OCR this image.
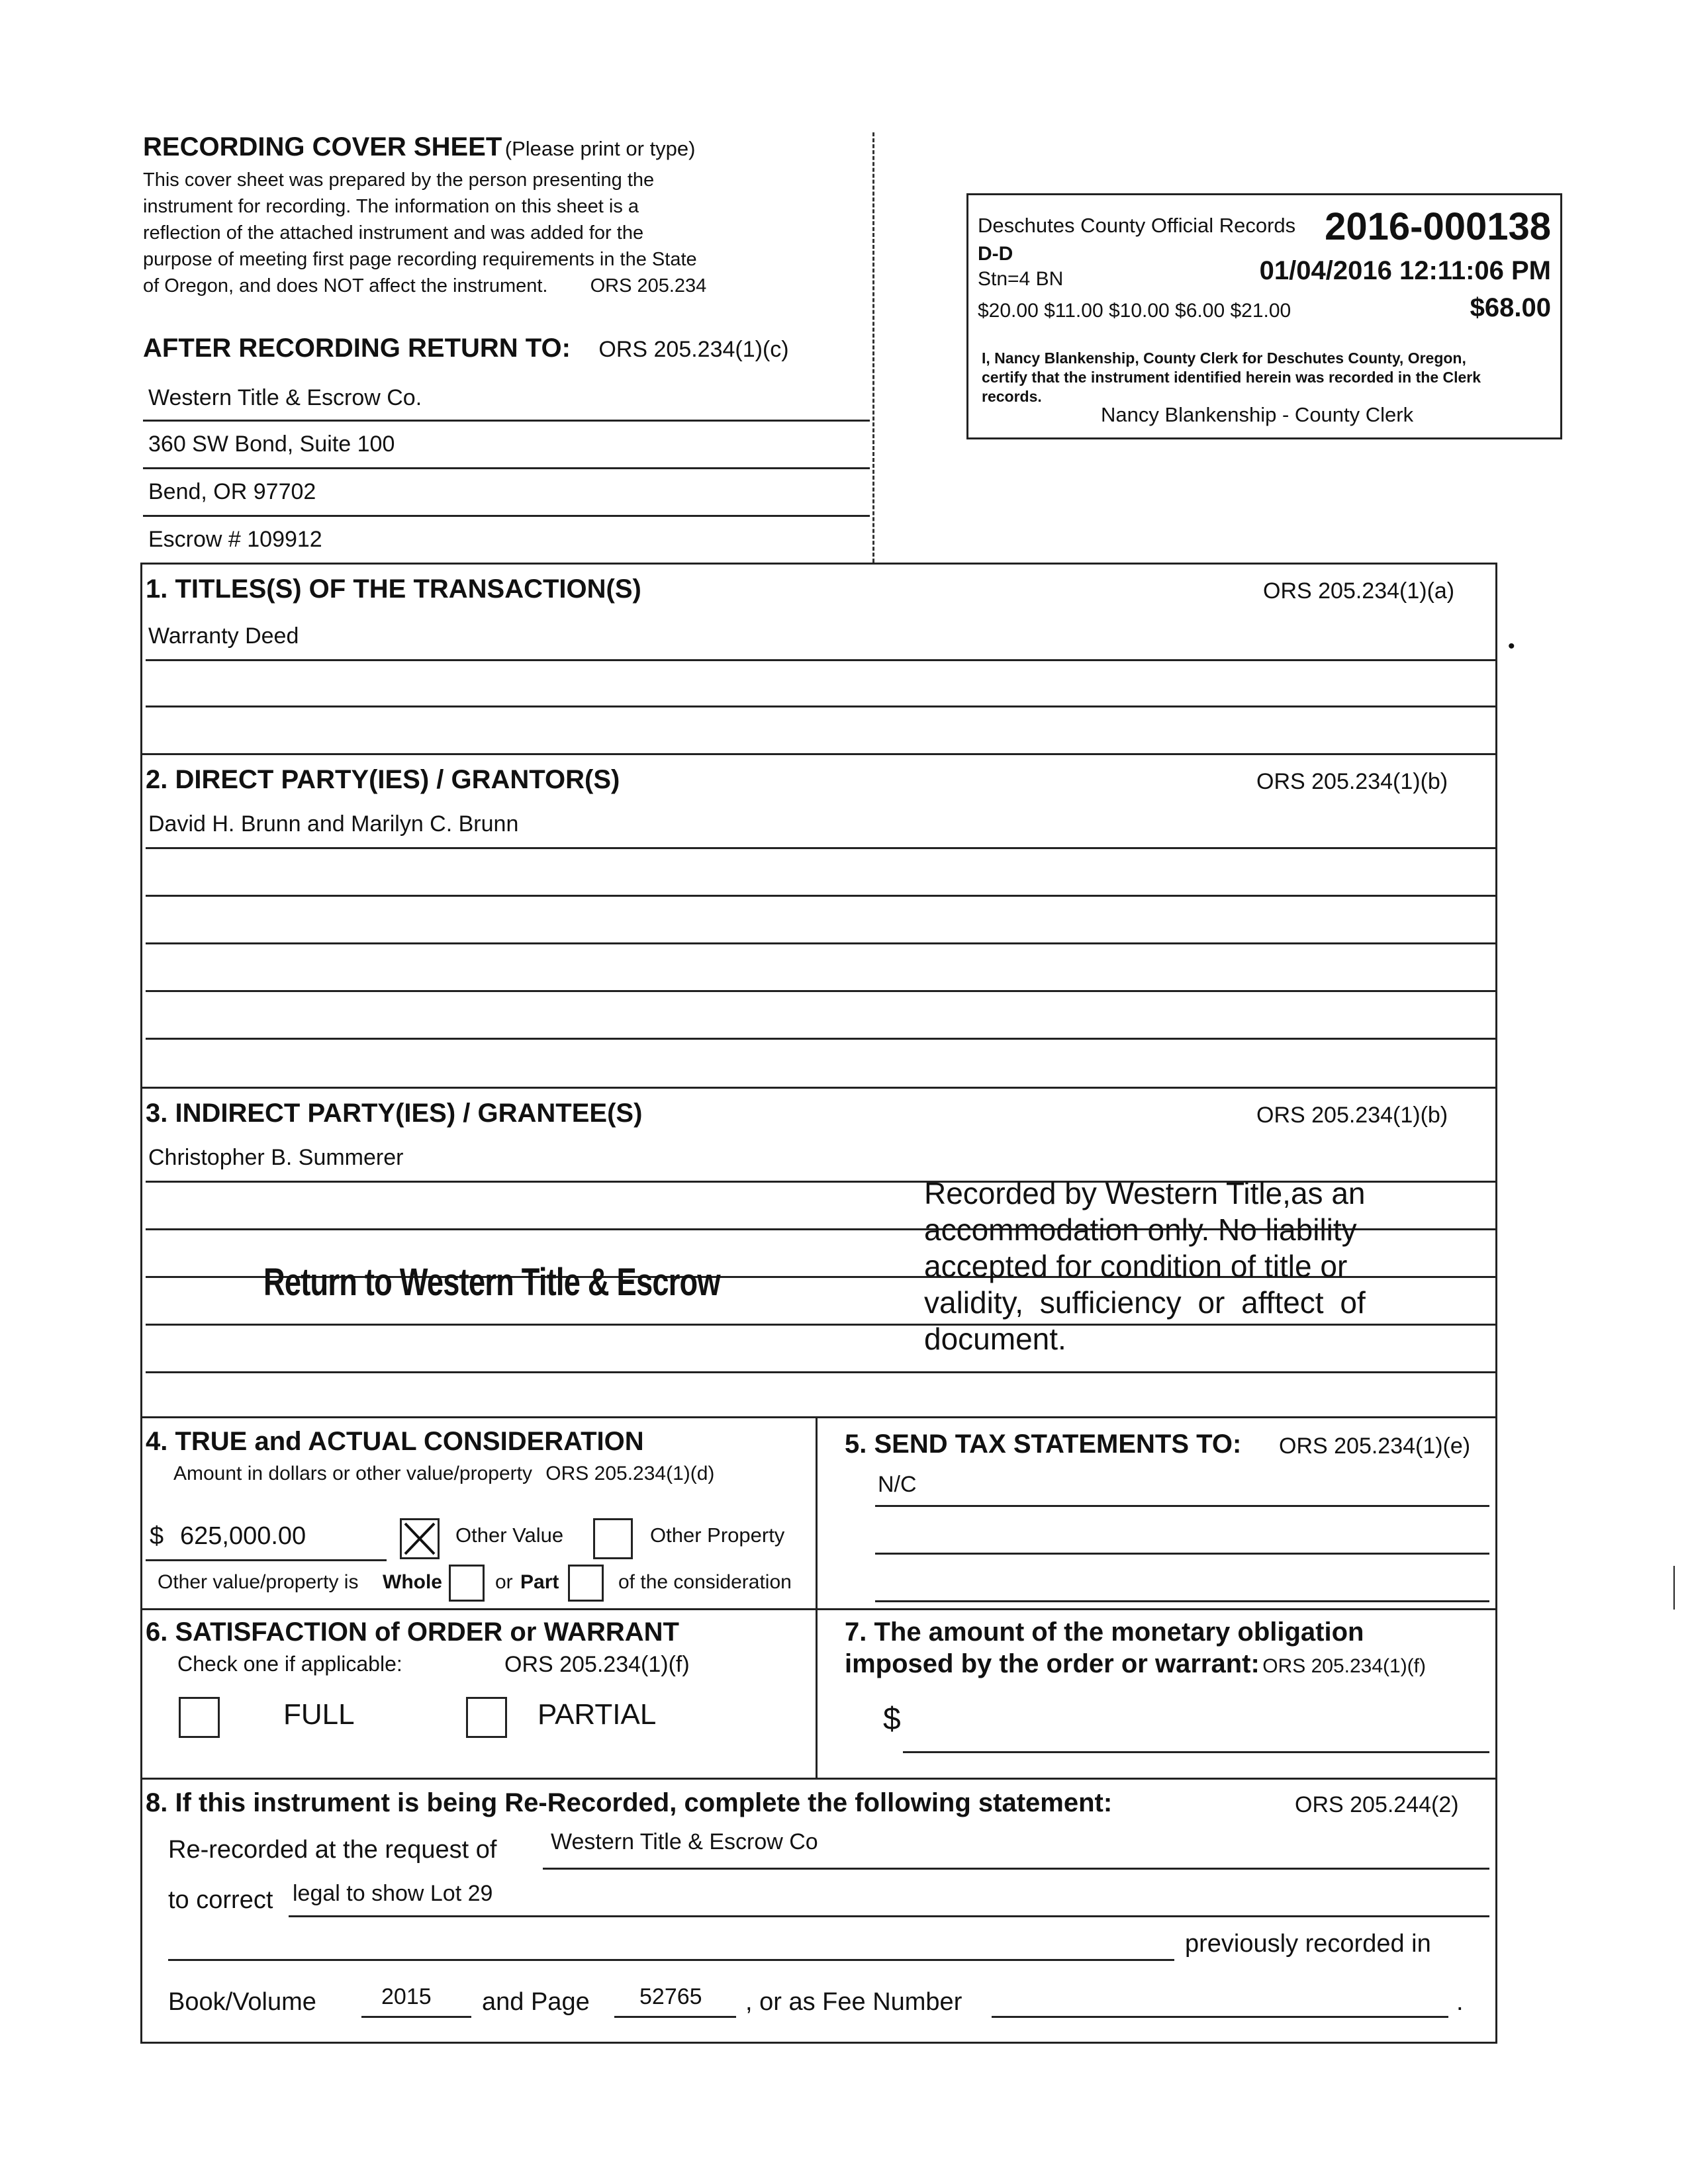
RECORDING COVER SHEET (Please print or type)
This cover sheet was prepared by the person presenting the
instrument for recording. The information on this sheet is a
reflection of the attached instrument and was added for the
purpose of meeting first page recording requirements in the State
of Oregon, and does NOT affect the instrument. ORS 205.234
AFTER RECORDING RETURN TO: ORS 205.234(1)(c)
Western Title & Escrow Co.
360 SW Bond, Suite 100
Bend, OR 97702
Escrow # 109912
Deschutes County Official Records 2016-000138
D-D
Stn=4 BN	01/04/2016 12:11:06 PM
$20.00 $11.00 $10.00 $6.00 $21.00	$68.00
I, Nancy Blankenship, County Clerk for Deschutes County, Oregon,
certify that the instrument identified herein was recorded in the Clerk
records.
Nancy Blankenship - County Clerk
1. TITLES(S) OF THE TRANSACTION(S)	ORS 205.234(1)(a)
Warranty Deed	•
2. DIRECT PARTY(IES) / GRANTOR(S)	ORS 205.234(1)(b)
David H. Brunn and Marilyn C. Brunn
3. INDIRECT PARTY(IES) / GRANTEE(S)	ORS 205.234(1)(b)
Christopher B. Summerer
Return to Western Title & Escrow
Recorded by Western Title,as an
accommodation only. No liability
accepted for condition of title or
validity, sufficiency or afftect of
document.
4. TRUE and ACTUAL CONSIDERATION
Amount in dollars or other value/property ORS 205.234(1)(d)
$ 625,000.00	Other Value	Other Property
Other value/property is Whole	or Part	of the consideration
5. SEND TAX STATEMENTS TO: ORS 205.234(1)(e)
N/C
6. SATISFACTION of ORDER or WARRANT
Check one if applicable:	ORS 205.234(1)(f)
FULL	PARTIAL
7. The amount of the monetary obligation
imposed by the order or warrant: ORS 205.234(1)(f)
$
8. If this instrument is being Re-Recorded, complete the following statement:	ORS 205.244(2)
Re-recorded at the request of Western Title & Escrow Co
to correct legal to show Lot 29
previously recorded in
Book/Volume	2015 and Page 52765 , or as Fee Number	.
